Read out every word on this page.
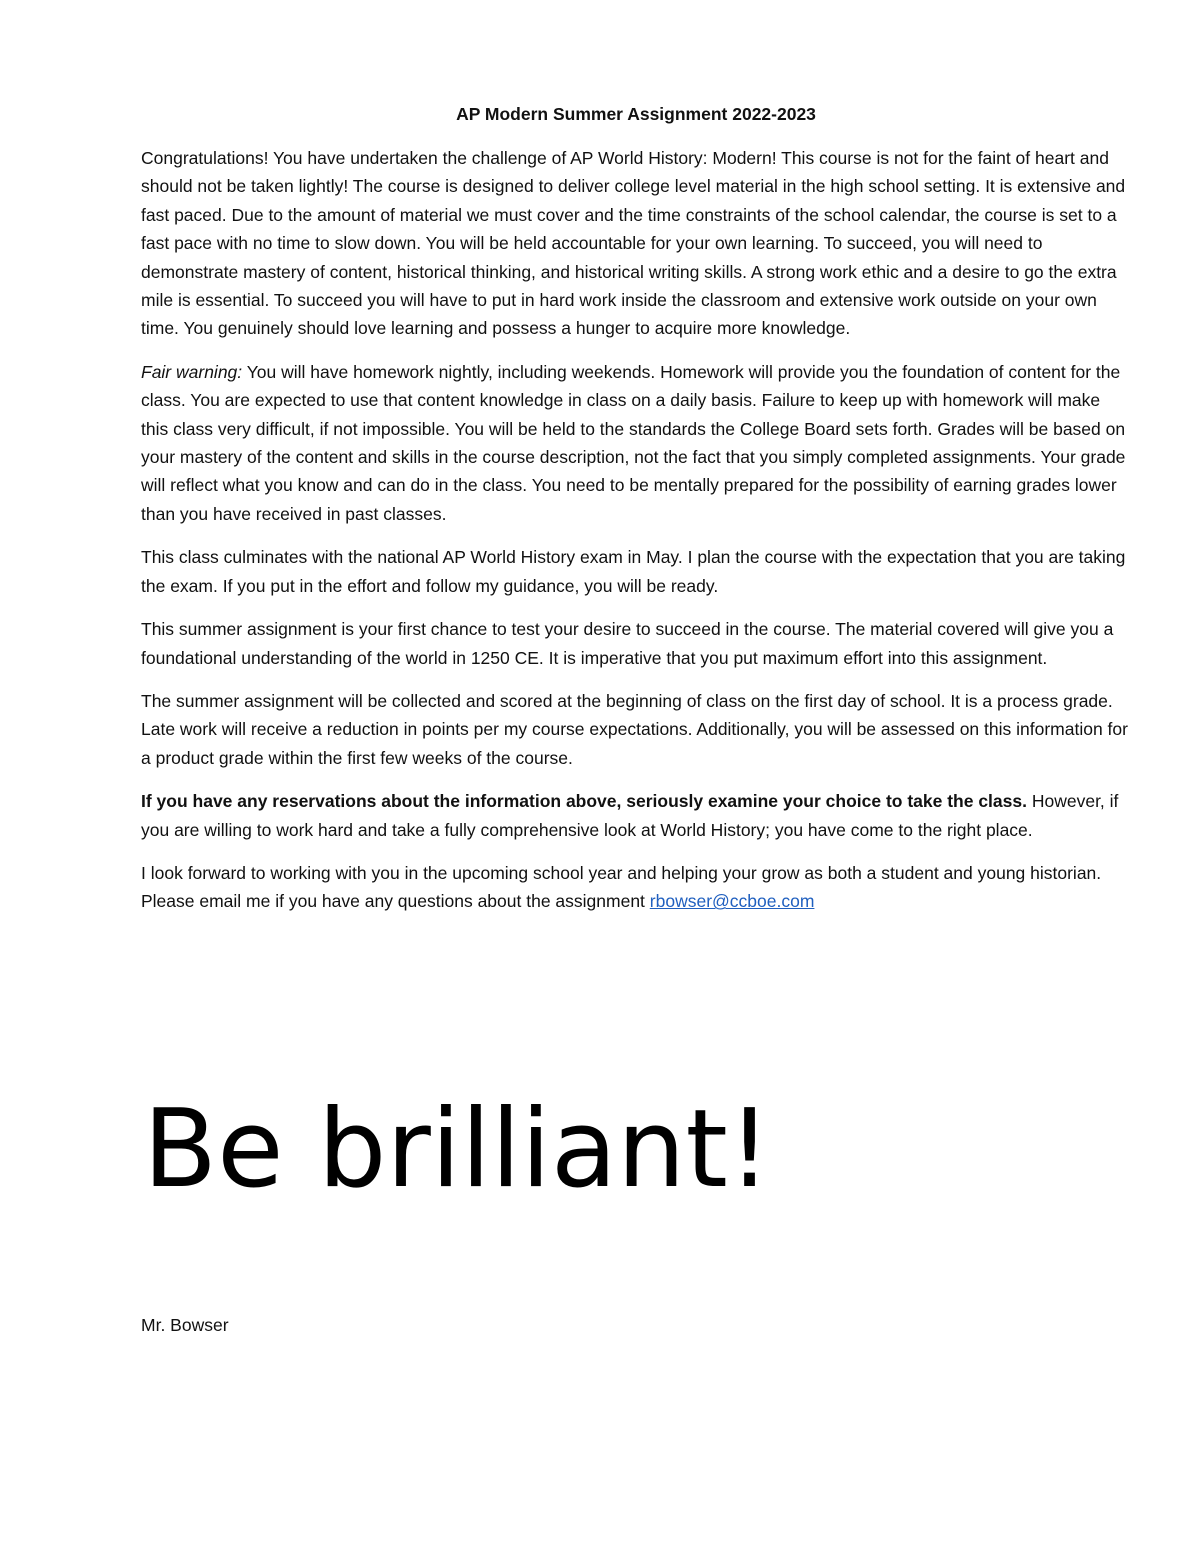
AP Modern Summer Assignment 2022-2023

Congratulations! You have undertaken the challenge of AP World History: Modern! This course is not for the faint of heart and should not be taken lightly! The course is designed to deliver college level material in the high school setting. It is extensive and fast paced. Due to the amount of material we must cover and the time constraints of the school calendar, the course is set to a fast pace with no time to slow down. You will be held accountable for your own learning. To succeed, you will need to demonstrate mastery of content, historical thinking, and historical writing skills. A strong work ethic and a desire to go the extra mile is essential. To succeed you will have to put in hard work inside the classroom and extensive work outside on your own time. You genuinely should love learning and possess a hunger to acquire more knowledge.

Fair warning: You will have homework nightly, including weekends. Homework will provide you the foundation of content for the class. You are expected to use that content knowledge in class on a daily basis. Failure to keep up with homework will make this class very difficult, if not impossible. You will be held to the standards the College Board sets forth. Grades will be based on your mastery of the content and skills in the course description, not the fact that you simply completed assignments. Your grade will reflect what you know and can do in the class. You need to be mentally prepared for the possibility of earning grades lower than you have received in past classes.

This class culminates with the national AP World History exam in May. I plan the course with the expectation that you are taking the exam. If you put in the effort and follow my guidance, you will be ready.

This summer assignment is your first chance to test your desire to succeed in the course. The material covered will give you a foundational understanding of the world in 1250 CE. It is imperative that you put maximum effort into this assignment.

The summer assignment will be collected and scored at the beginning of class on the first day of school. It is a process grade. Late work will receive a reduction in points per my course expectations. Additionally, you will be assessed on this information for a product grade within the first few weeks of the course.

If you have any reservations about the information above, seriously examine your choice to take the class. However, if you are willing to work hard and take a fully comprehensive look at World History; you have come to the right place.

I look forward to working with you in the upcoming school year and helping your grow as both a student and young historian. Please email me if you have any questions about the assignment rbowser@ccboe.com

Be brilliant!

Mr. Bowser
